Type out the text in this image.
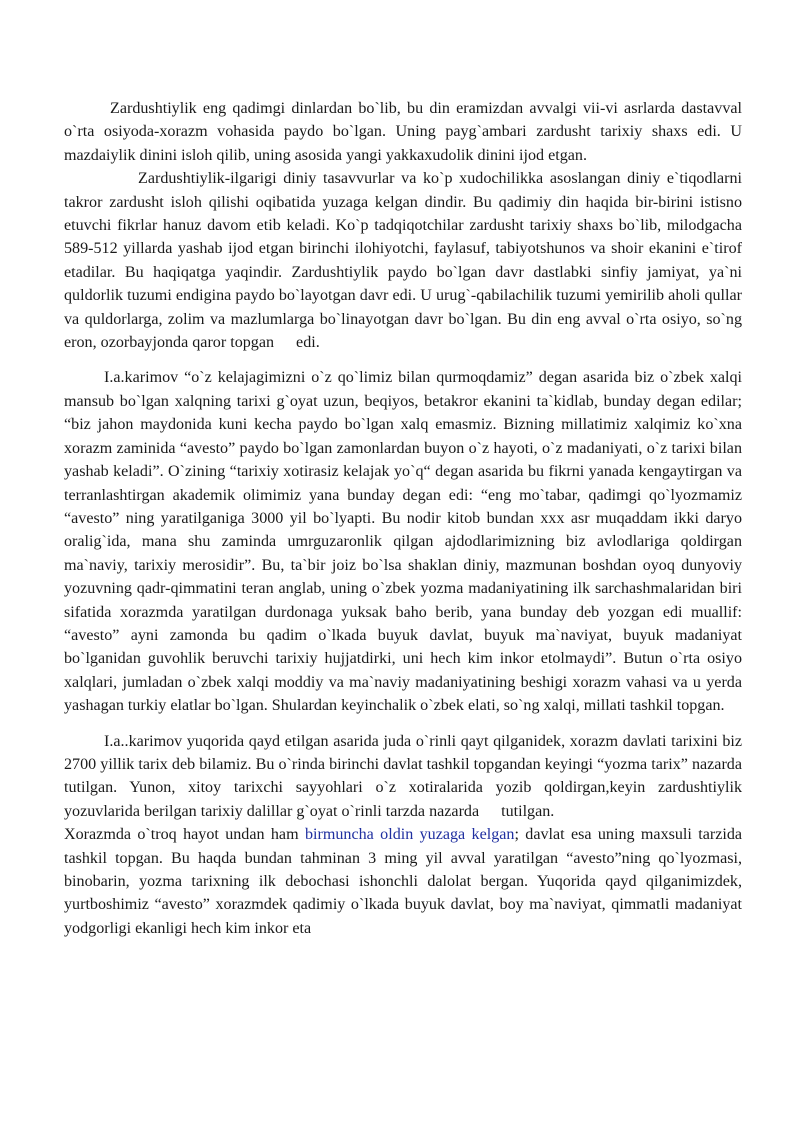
Zardushtiylik eng qadimgi dinlardan bo`lib, bu din eramizdan avvalgi vii-vi asrlarda dastavval o`rta osiyoda-xorazm vohasida paydo bo`lgan. Uning payg`ambari zardusht tarixiy shaxs edi. U mazdaiylik dinini isloh qilib, uning asosida yangi yakkaxudolik dinini ijod etgan.

Zardushtiylik-ilgarigi diniy tasavvurlar va ko`p xudochilikka asoslangan diniy e`tiqodlarni takror zardusht isloh qilishi oqibatida yuzaga kelgan dindir. Bu qadimiy din haqida bir-birini istisno etuvchi fikrlar hanuz davom etib keladi. Ko`p tadqiqotchilar zardusht tarixiy shaxs bo`lib, milodgacha 589-512 yillarda yashab ijod etgan birinchi ilohiyotchi, faylasuf, tabiyotshunos va shoir ekanini e`tirof etadilar. Bu haqiqatga yaqindir. Zardushtiylik paydo bo`lgan davr dastlabki sinfiy jamiyat, ya`ni quldorlik tuzumi endigina paydo bo`layotgan davr edi. U urug`-qabilachilik tuzumi yemirilib aholi qullar va quldorlarga, zolim va mazlumlarga bo`linayotgan davr bo`lgan. Bu din eng avval o`rta osiyo, so`ng eron, ozorbayjonda qaror topgan edi.

I.a.karimov “o`z kelajagimizni o`z qo`limiz bilan qurmoqdamiz” degan asarida biz o`zbek xalqi mansub bo`lgan xalqning tarixi g`oyat uzun, beqiyos, betakror ekanini ta`kidlab, bunday degan edilar; “biz jahon maydonida kuni kecha paydo bo`lgan xalq emasmiz. Bizning millatimiz xalqimiz ko`xna xorazm zaminida “avesto” paydo bo`lgan zamonlardan buyon o`z hayoti, o`z madaniyati, o`z tarixi bilan yashab keladi”. O`zining “tarixiy xotirasiz kelajak yo`q“ degan asarida bu fikrni yanada kengaytirgan va terranlashtirgan akademik olimimiz yana bunday degan edi: “eng mo`tabar, qadimgi qo`lyozmamiz “avesto” ning yaratilganiga 3000 yil bo`lyapti. Bu nodir kitob bundan xxx asr muqaddam ikki daryo oralig`ida, mana shu zaminda umrguzaronlik qilgan ajdodlarimizning biz avlodlariga qoldirgan ma`naviy, tarixiy merosidir”. Bu, ta`bir joiz bo`lsa shaklan diniy, mazmunan boshdan oyoq dunyoviy yozuvning qadr-qimmatini teran anglab, uning o`zbek yozma madaniyatining ilk sarchashmalaridan biri sifatida xorazmda yaratilgan durdonaga yuksak baho berib, yana bunday deb yozgan edi muallif: “avesto” ayni zamonda bu qadim o`lkada buyuk davlat, buyuk ma`naviyat, buyuk madaniyat bo`lganidan guvohlik beruvchi tarixiy hujjatdirki, uni hech kim inkor etolmaydi”. Butun o`rta osiyo xalqlari, jumladan o`zbek xalqi moddiy va ma`naviy madaniyatining beshigi xorazm vahasi va u yerda yashagan turkiy elatlar bo`lgan. Shulardan keyinchalik o`zbek elati, so`ng xalqi, millati tashkil topgan.

I.a..karimov yuqorida qayd etilgan asarida juda o`rinli qayt qilganidek, xorazm davlati tarixini biz 2700 yillik tarix deb bilamiz. Bu o`rinda birinchi davlat tashkil topgandan keyingi “yozma tarix” nazarda tutilgan. Yunon, xitoy tarixchi sayyohlari o`z xotiralarida yozib qoldirgan,keyin zardushtiylik yozuvlarida berilgan tarixiy dalillar g`oyat o`rinli tarzda nazarda tutilgan.

Xorazmda o`troq hayot undan ham birmuncha oldin yuzaga kelgan; davlat esa uning maxsuli tarzida tashkil topgan. Bu haqda bundan tahminan 3 ming yil avval yaratilgan “avesto”ning qo`lyozmasi, binobarin, yozma tarixning ilk debochasi ishonchli dalolat bergan. Yuqorida qayd qilganimizdek, yurtboshimiz “avesto” xorazmdek qadimiy o`lkada buyuk davlat, boy ma`naviyat, qimmatli madaniyat yodgorligi ekanligi hech kim inkor eta
